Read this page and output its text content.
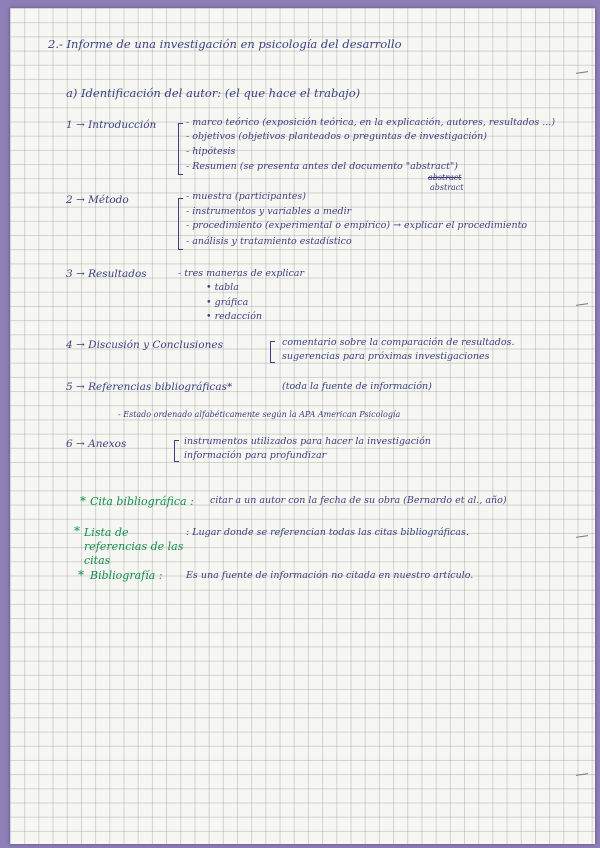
2.- Informe de una investigación en psicología del desarrollo
a) Identificación del autor: (el que hace el trabajo)
1 → Introducción	- marco teórico (exposición teórica, en la explicación, autores, resultados ...)
- objetivos (objetivos planteados o preguntas de investigación)
- hipótesis
- Resumen (se presenta antes del documento "abstract")
abstract
abstract
2 → Método	- muestra (participantes)
- instrumentos y variables a medir
- procedimiento (experimental o empírico) → explicar el procedimiento
- análisis y tratamiento estadístico
3 → Resultados	- tres maneras de explicar
• tabla
• gráfica
• redacción
4 → Discusión y Conclusiones	comentario sobre la comparación de resultados.
sugerencias para próximas investigaciones
5 → Referencias bibliográficas*	(toda la fuente de información)
- Estado ordenado alfabéticamente según la APA American Psicología
6 → Anexos	instrumentos utilizados para hacer la investigación
información para profundizar
* Cita bibliográfica : citar a un autor con la fecha de su obra (Bernardo et al., año)
* Lista de referencias de las citas
: Lugar donde se referencian todas las citas bibliográficas.
* Bibliografía : Es una fuente de información no citada en nuestro artículo.
